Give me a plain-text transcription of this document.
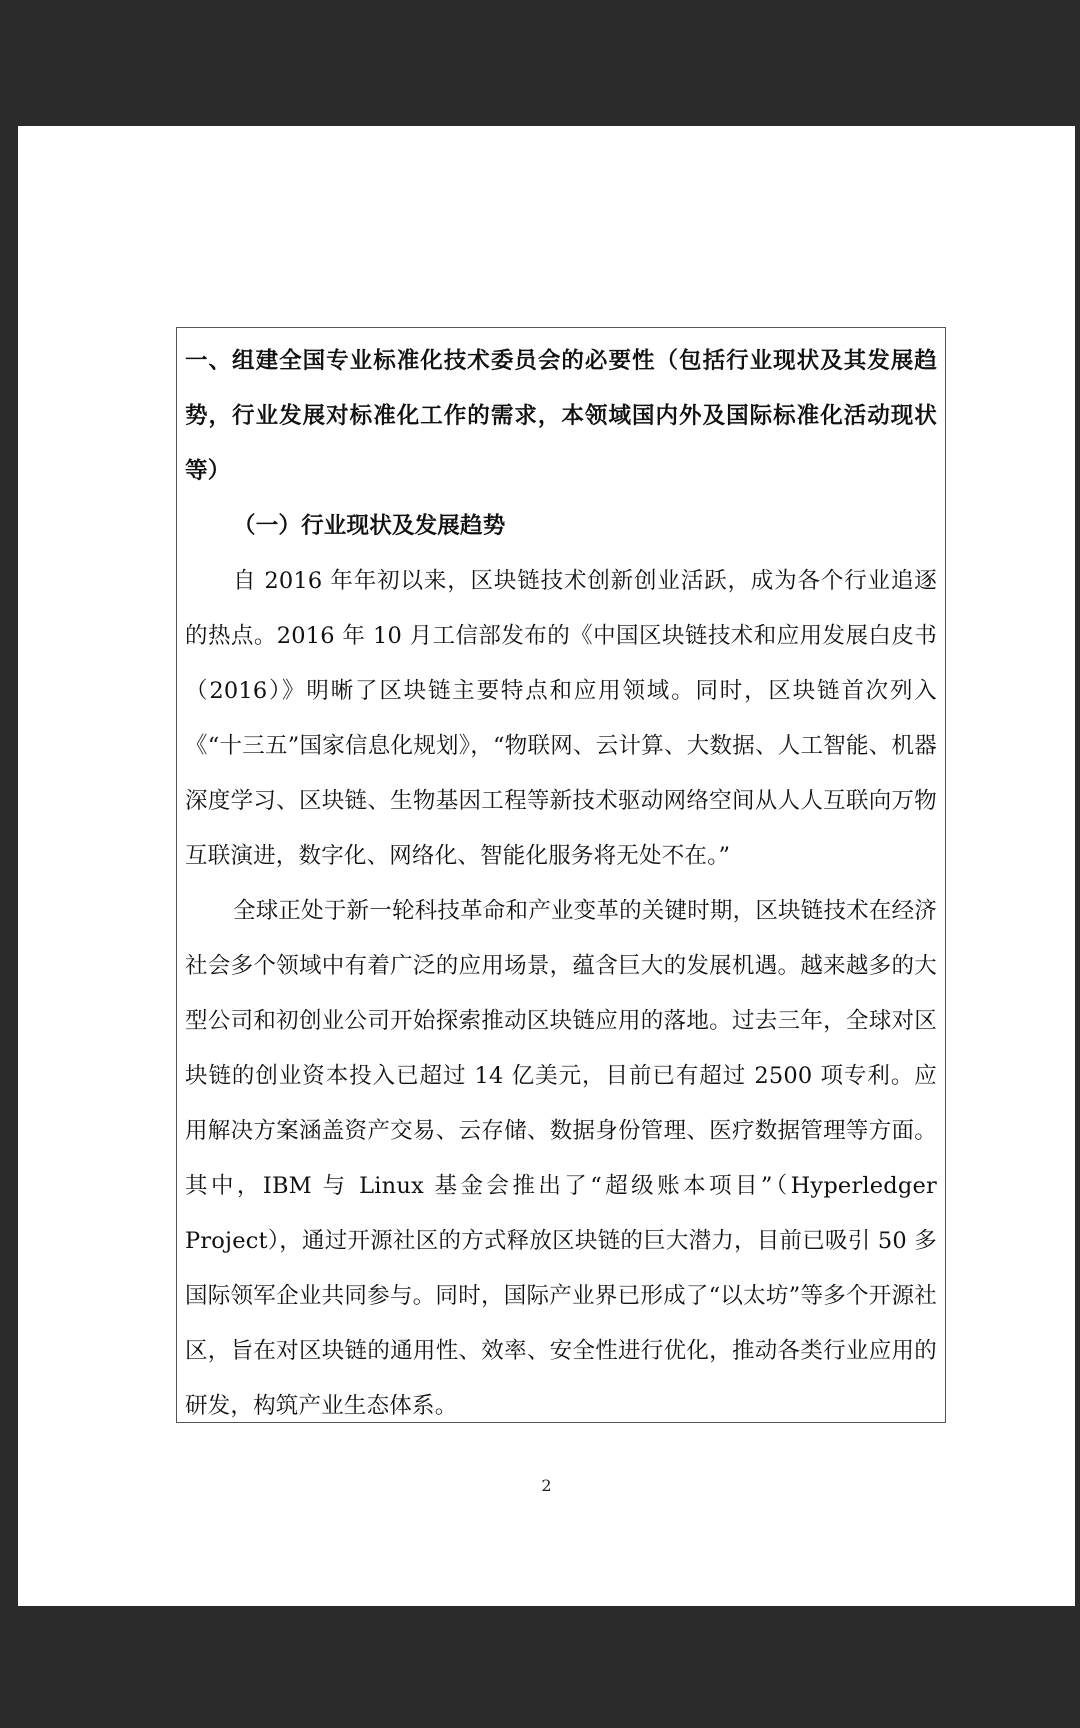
一、组建全国专业标准化技术委员会的必要性（包括行业现状及其发展趋势，行业发展对标准化工作的需求，本领域国内外及国际标准化活动现状等）

（一）行业现状及发展趋势

自 2016 年年初以来，区块链技术创新创业活跃，成为各个行业追逐的热点。2016 年 10 月工信部发布的《中国区块链技术和应用发展白皮书（2016）》明晰了区块链主要特点和应用领域。同时，区块链首次列入《“十三五”国家信息化规划》，“物联网、云计算、大数据、人工智能、机器深度学习、区块链、生物基因工程等新技术驱动网络空间从人人互联向万物互联演进，数字化、网络化、智能化服务将无处不在。”

全球正处于新一轮科技革命和产业变革的关键时期，区块链技术在经济社会多个领域中有着广泛的应用场景，蕴含巨大的发展机遇。越来越多的大型公司和初创业公司开始探索推动区块链应用的落地。过去三年，全球对区块链的创业资本投入已超过 14 亿美元，目前已有超过 2500 项专利。应用解决方案涵盖资产交易、云存储、数据身份管理、医疗数据管理等方面。其中，IBM 与 Linux 基金会推出了“超级账本项目”（Hyperledger Project），通过开源社区的方式释放区块链的巨大潜力，目前已吸引 50 多国际领军企业共同参与。同时，国际产业界已形成了“以太坊”等多个开源社区，旨在对区块链的通用性、效率、安全性进行优化，推动各类行业应用的研发，构筑产业生态体系。

2
